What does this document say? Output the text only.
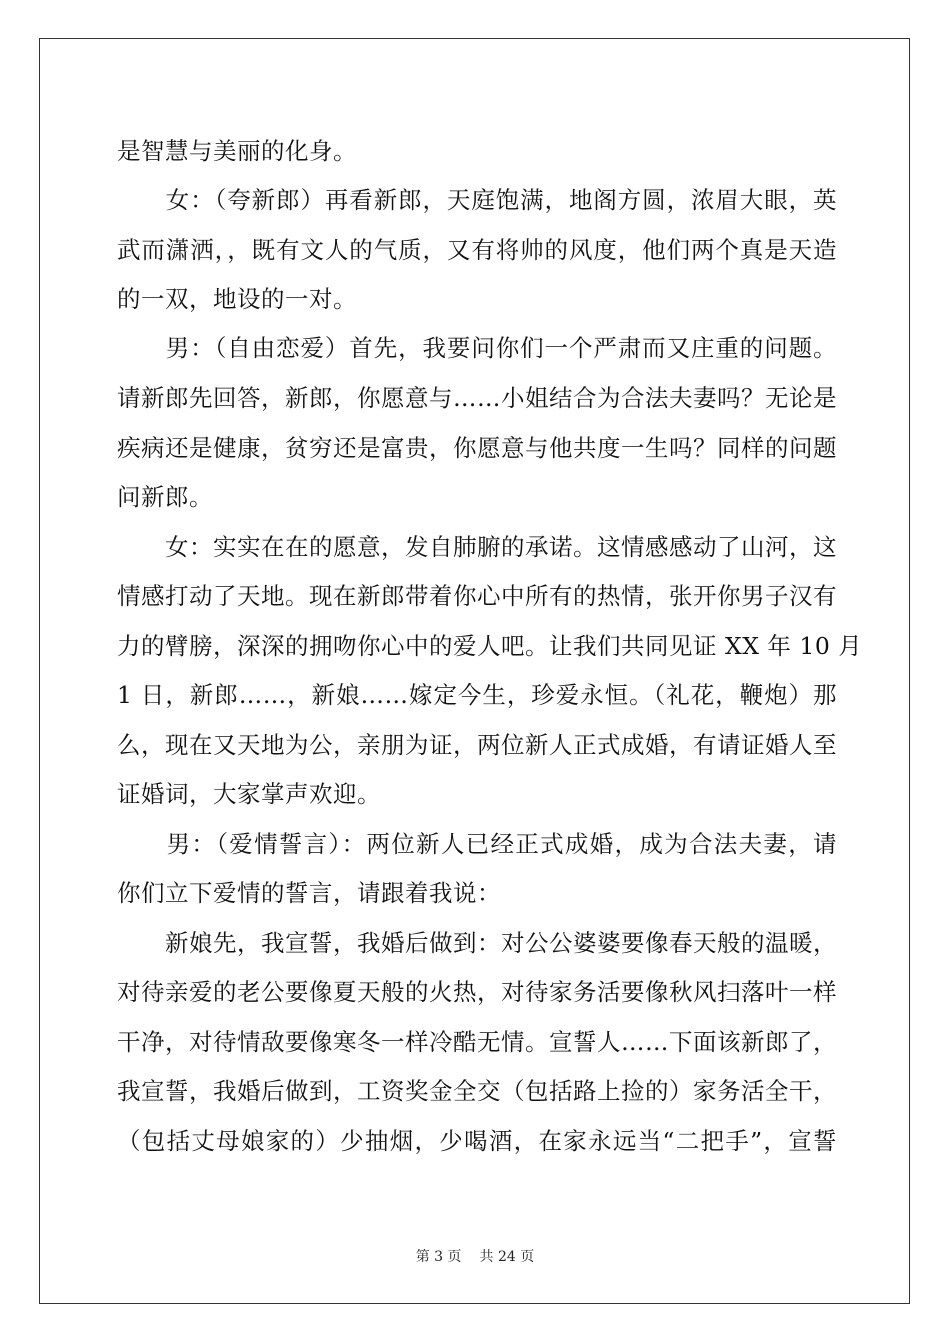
是智慧与美丽的化身。
　　女：（夸新郎）再看新郎，天庭饱满，地阁方圆，浓眉大眼，英
武而潇洒，，既有文人的气质，又有将帅的风度，他们两个真是天造
的一双，地设的一对。
　　男：（自由恋爱）首先，我要问你们一个严肃而又庄重的问题。
请新郎先回答，新郎，你愿意与……小姐结合为合法夫妻吗？无论是
疾病还是健康，贫穷还是富贵，你愿意与他共度一生吗？同样的问题
问新郎。
　　女：实实在在的愿意，发自肺腑的承诺。这情感感动了山河，这
情感打动了天地。现在新郎带着你心中所有的热情，张开你男子汉有
力的臂膀，深深的拥吻你心中的爱人吧。让我们共同见证 XX 年 10 月
1 日，新郎……，新娘……嫁定今生，珍爱永恒。（礼花，鞭炮）那
么，现在又天地为公，亲朋为证，两位新人正式成婚，有请证婚人至
证婚词，大家掌声欢迎。
　　男：（爱情誓言）：两位新人已经正式成婚，成为合法夫妻，请
你们立下爱情的誓言，请跟着我说：
　　新娘先，我宣誓，我婚后做到：对公公婆婆要像春天般的温暖，
对待亲爱的老公要像夏天般的火热，对待家务活要像秋风扫落叶一样
干净，对待情敌要像寒冬一样冷酷无情。宣誓人……下面该新郎了，
我宣誓，我婚后做到，工资奖金全交（包括路上捡的）家务活全干，
（包括丈母娘家的）少抽烟，少喝酒，在家永远当“二把手”，宣誓
第 3 页 共 24 页
